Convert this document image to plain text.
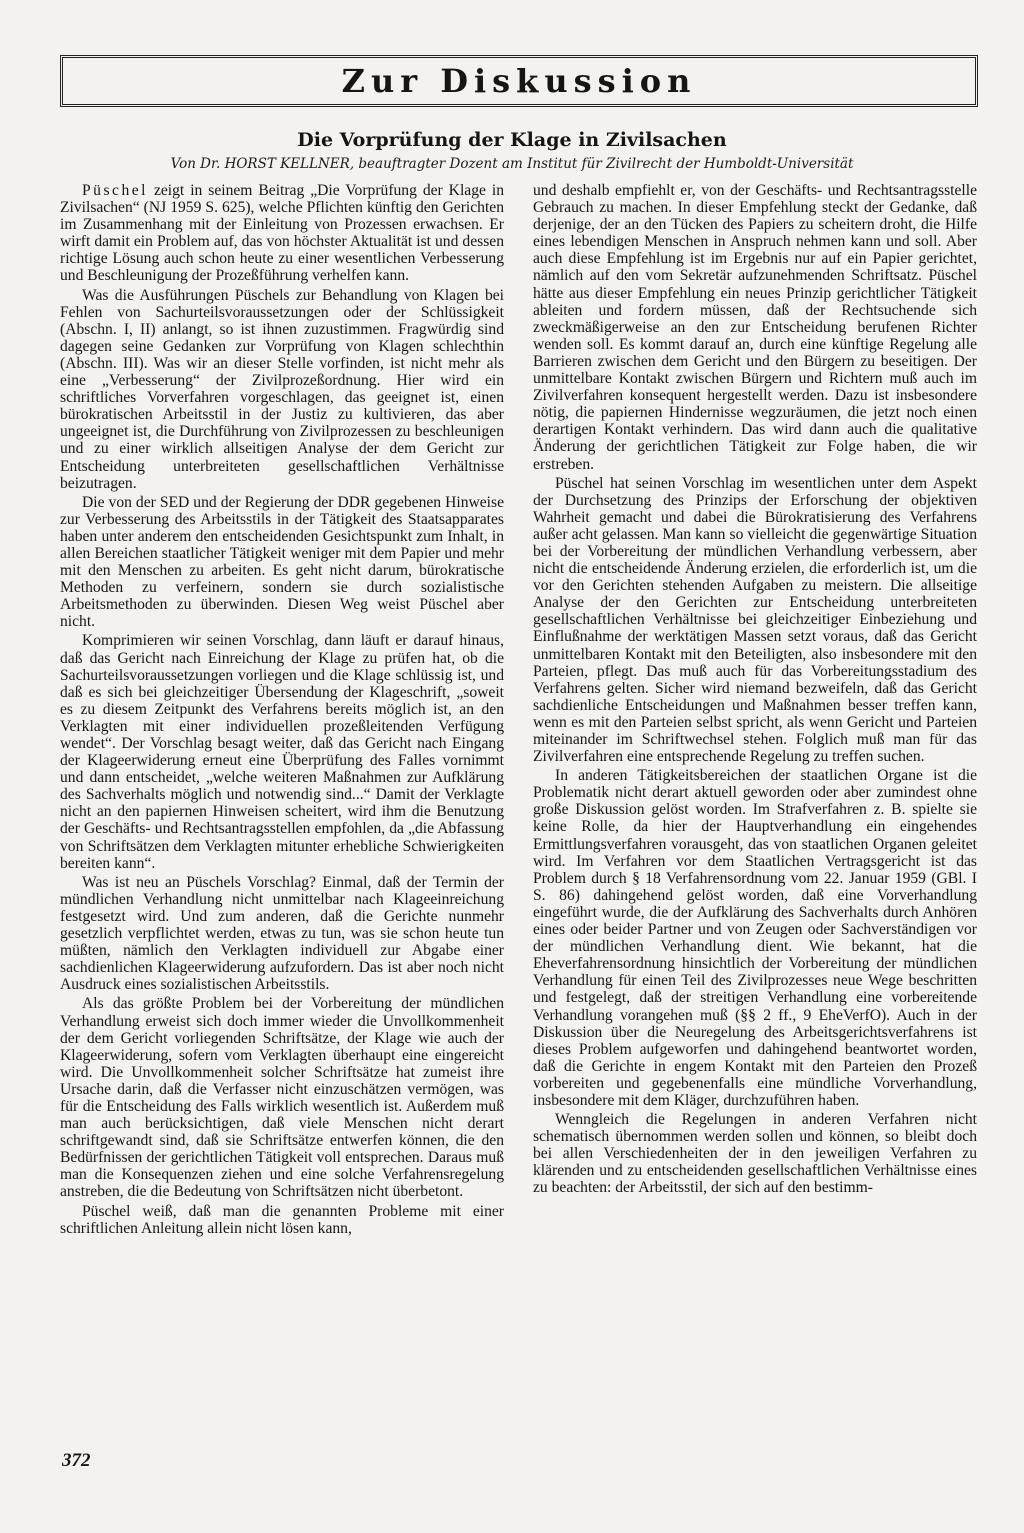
Zur Diskussion
Die Vorprüfung der Klage in Zivilsachen
Von Dr. HORST KELLNER, beauftragter Dozent am Institut für Zivilrecht der Humboldt-Universität

Püschel zeigt in seinem Beitrag „Die Vorprüfung der Klage in Zivilsachen“ (NJ 1959 S. 625), welche Pflichten künftig den Gerichten im Zusammenhang mit der Einleitung von Prozessen erwachsen. Er wirft damit ein Problem auf, das von höchster Aktualität ist und dessen richtige Lösung auch schon heute zu einer wesentlichen Verbesserung und Beschleunigung der Prozeßführung verhelfen kann.

Was die Ausführungen Püschels zur Behandlung von Klagen bei Fehlen von Sachurteilsvoraussetzungen oder der Schlüssigkeit (Abschn. I, II) anlangt, so ist ihnen zuzustimmen. Fragwürdig sind dagegen seine Gedanken zur Vorprüfung von Klagen schlechthin (Abschn. III). Was wir an dieser Stelle vorfinden, ist nicht mehr als eine „Verbesserung“ der Zivilprozeßordnung. Hier wird ein schriftliches Vorverfahren vorgeschlagen, das geeignet ist, einen bürokratischen Arbeitsstil in der Justiz zu kultivieren, das aber ungeeignet ist, die Durchführung von Zivilprozessen zu beschleunigen und zu einer wirklich allseitigen Analyse der dem Gericht zur Entscheidung unterbreiteten gesellschaftlichen Verhältnisse beizutragen.

Die von der SED und der Regierung der DDR gegebenen Hinweise zur Verbesserung des Arbeitsstils in der Tätigkeit des Staatsapparates haben unter anderem den entscheidenden Gesichtspunkt zum Inhalt, in allen Bereichen staatlicher Tätigkeit weniger mit dem Papier und mehr mit den Menschen zu arbeiten. Es geht nicht darum, bürokratische Methoden zu verfeinern, sondern sie durch sozialistische Arbeitsmethoden zu überwinden. Diesen Weg weist Püschel aber nicht.

Komprimieren wir seinen Vorschlag, dann läuft er darauf hinaus, daß das Gericht nach Einreichung der Klage zu prüfen hat, ob die Sachurteilsvoraussetzungen vorliegen und die Klage schlüssig ist, und daß es sich bei gleichzeitiger Übersendung der Klageschrift, „soweit es zu diesem Zeitpunkt des Verfahrens bereits möglich ist, an den Verklagten mit einer individuellen prozeßleitenden Verfügung wendet“. Der Vorschlag besagt weiter, daß das Gericht nach Eingang der Klageerwiderung erneut eine Überprüfung des Falles vornimmt und dann entscheidet, „welche weiteren Maßnahmen zur Aufklärung des Sachverhalts möglich und notwendig sind...“ Damit der Verklagte nicht an den papiernen Hinweisen scheitert, wird ihm die Benutzung der Geschäfts- und Rechtsantragsstellen empfohlen, da „die Abfassung von Schriftsätzen dem Verklagten mitunter erhebliche Schwierigkeiten bereiten kann“.

Was ist neu an Püschels Vorschlag? Einmal, daß der Termin der mündlichen Verhandlung nicht unmittelbar nach Klageeinreichung festgesetzt wird. Und zum anderen, daß die Gerichte nunmehr gesetzlich verpflichtet werden, etwas zu tun, was sie schon heute tun müßten, nämlich den Verklagten individuell zur Abgabe einer sachdienlichen Klageerwiderung aufzufordern. Das ist aber noch nicht Ausdruck eines sozialistischen Arbeitsstils.

Als das größte Problem bei der Vorbereitung der mündlichen Verhandlung erweist sich doch immer wieder die Unvollkommenheit der dem Gericht vorliegenden Schriftsätze, der Klage wie auch der Klageerwiderung, sofern vom Verklagten überhaupt eine eingereicht wird. Die Unvollkommenheit solcher Schriftsätze hat zumeist ihre Ursache darin, daß die Verfasser nicht einzuschätzen vermögen, was für die Entscheidung des Falls wirklich wesentlich ist. Außerdem muß man auch berücksichtigen, daß viele Menschen nicht derart schriftgewandt sind, daß sie Schriftsätze entwerfen können, die den Bedürfnissen der gerichtlichen Tätigkeit voll entsprechen. Daraus muß man die Konsequenzen ziehen und eine solche Verfahrensregelung anstreben, die die Bedeutung von Schriftsätzen nicht überbetont.

Püschel weiß, daß man die genannten Probleme mit einer schriftlichen Anleitung allein nicht lösen kann,

und deshalb empfiehlt er, von der Geschäfts- und Rechtsantragsstelle Gebrauch zu machen. In dieser Empfehlung steckt der Gedanke, daß derjenige, der an den Tücken des Papiers zu scheitern droht, die Hilfe eines lebendigen Menschen in Anspruch nehmen kann und soll. Aber auch diese Empfehlung ist im Ergebnis nur auf ein Papier gerichtet, nämlich auf den vom Sekretär aufzunehmenden Schriftsatz. Püschel hätte aus dieser Empfehlung ein neues Prinzip gerichtlicher Tätigkeit ableiten und fordern müssen, daß der Rechtsuchende sich zweckmäßigerweise an den zur Entscheidung berufenen Richter wenden soll. Es kommt darauf an, durch eine künftige Regelung alle Barrieren zwischen dem Gericht und den Bürgern zu beseitigen. Der unmittelbare Kontakt zwischen Bürgern und Richtern muß auch im Zivilverfahren konsequent hergestellt werden. Dazu ist insbesondere nötig, die papiernen Hindernisse wegzuräumen, die jetzt noch einen derartigen Kontakt verhindern. Das wird dann auch die qualitative Änderung der gerichtlichen Tätigkeit zur Folge haben, die wir erstreben.

Püschel hat seinen Vorschlag im wesentlichen unter dem Aspekt der Durchsetzung des Prinzips der Erforschung der objektiven Wahrheit gemacht und dabei die Bürokratisierung des Verfahrens außer acht gelassen. Man kann so vielleicht die gegenwärtige Situation bei der Vorbereitung der mündlichen Verhandlung verbessern, aber nicht die entscheidende Änderung erzielen, die erforderlich ist, um die vor den Gerichten stehenden Aufgaben zu meistern. Die allseitige Analyse der den Gerichten zur Entscheidung unterbreiteten gesellschaftlichen Verhältnisse bei gleichzeitiger Einbeziehung und Einflußnahme der werktätigen Massen setzt voraus, daß das Gericht unmittelbaren Kontakt mit den Beteiligten, also insbesondere mit den Parteien, pflegt. Das muß auch für das Vorbereitungsstadium des Verfahrens gelten. Sicher wird niemand bezweifeln, daß das Gericht sachdienliche Entscheidungen und Maßnahmen besser treffen kann, wenn es mit den Parteien selbst spricht, als wenn Gericht und Parteien miteinander im Schriftwechsel stehen. Folglich muß man für das Zivilverfahren eine entsprechende Regelung zu treffen suchen.

In anderen Tätigkeitsbereichen der staatlichen Organe ist die Problematik nicht derart aktuell geworden oder aber zumindest ohne große Diskussion gelöst worden. Im Strafverfahren z. B. spielte sie keine Rolle, da hier der Hauptverhandlung ein eingehendes Ermittlungsverfahren vorausgeht, das von staatlichen Organen geleitet wird. Im Verfahren vor dem Staatlichen Vertragsgericht ist das Problem durch § 18 Verfahrensordnung vom 22. Januar 1959 (GBl. I S. 86) dahingehend gelöst worden, daß eine Vorverhandlung eingeführt wurde, die der Aufklärung des Sachverhalts durch Anhören eines oder beider Partner und von Zeugen oder Sachverständigen vor der mündlichen Verhandlung dient. Wie bekannt, hat die Eheverfahrensordnung hinsichtlich der Vorbereitung der mündlichen Verhandlung für einen Teil des Zivilprozesses neue Wege beschritten und festgelegt, daß der streitigen Verhandlung eine vorbereitende Verhandlung vorangehen muß (§§ 2 ff., 9 EheVerfO). Auch in der Diskussion über die Neuregelung des Arbeitsgerichtsverfahrens ist dieses Problem aufgeworfen und dahingehend beantwortet worden, daß die Gerichte in engem Kontakt mit den Parteien den Prozeß vorbereiten und gegebenenfalls eine mündliche Vorverhandlung, insbesondere mit dem Kläger, durchzuführen haben.

Wenngleich die Regelungen in anderen Verfahren nicht schematisch übernommen werden sollen und können, so bleibt doch bei allen Verschiedenheiten der in den jeweiligen Verfahren zu klärenden und zu entscheidenden gesellschaftlichen Verhältnisse eines zu beachten: der Arbeitsstil, der sich auf den bestimm-

372
